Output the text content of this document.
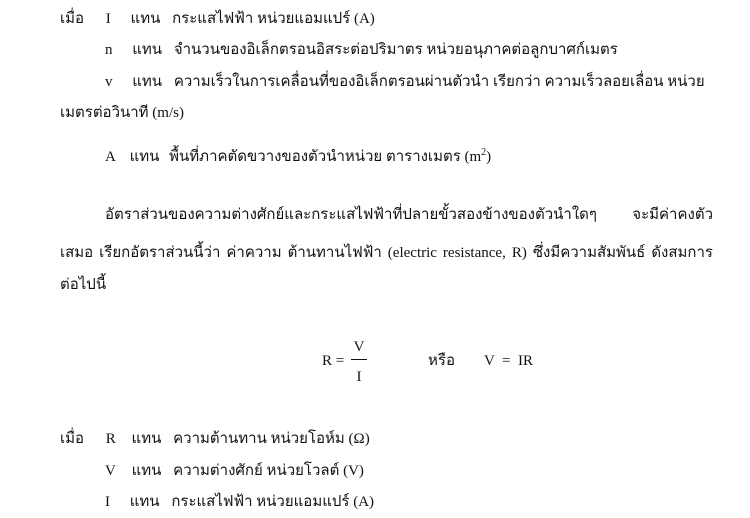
เมื่อ I แทน กระแสไฟฟ้า หน่วยแอมแปร์ (A)
n แทน จำนวนของอิเล็กตรอนอิสระต่อปริมาตร หน่วยอนุภาคต่อลูกบาศก์เมตร
v แทน ความเร็วในการเคลื่อนที่ของอิเล็กตรอนผ่านตัวนำ เรียกว่า ความเร็วลอยเลื่อน หน่วย
เมตรต่อวินาที (m/s)
A แทน พื้นที่ภาคตัดขวางของตัวนำหน่วย ตารางเมตร $(m^2)$
อัตราส่วนของความต่างศักย์และกระแสไฟฟ้าที่ปลายขั้วสองข้างของตัวนำใดๆ จะมีค่าคงตัว
เสมอ เรียกอัตราส่วนนี้ว่า ค่าความ ต้านทานไฟฟ้า (electric resistance, R) ซึ่งมีความสัมพันธ์ ดังสมการ
ต่อไปนี้
R =
V
I
หรือ V  =  IR
เมื่อ R แทน ความต้านทาน หน่วยโอห์ม (Ω)
V แทน ความต่างศักย์ หน่วยโวลต์ (V)
I แทน กระแสไฟฟ้า หน่วยแอมแปร์ (A)
